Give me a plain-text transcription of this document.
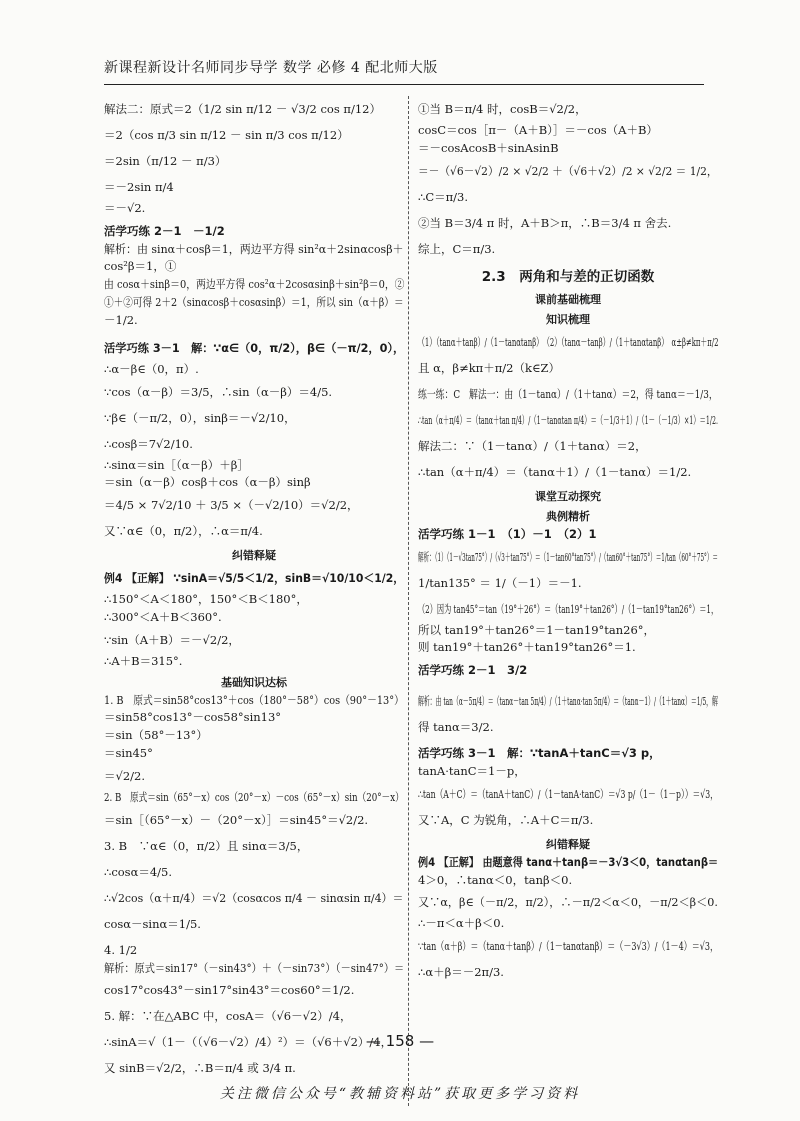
新课程新设计名师同步导学 数学 必修 4 配北师大版
解法二：原式＝2（1/2 sin π/12 － √3/2 cos π/12）
＝2（cos π/3 sin π/12 － sin π/3 cos π/12）
＝2sin（π/12 － π/3）
＝－2sin π/4
＝－√2.
活学巧练 2－1　－1/2
解析：由 sinα＋cosβ＝1，两边平方得 sin²α＋2sinαcosβ＋
cos²β＝1，①
由 cosα＋sinβ＝0，两边平方得 cos²α＋2cosαsinβ＋sin²β＝0，②
①＋②可得 2＋2（sinαcosβ＋cosαsinβ）＝1，所以 sin（α＋β）＝
－1/2.
活学巧练 3－1　解：∵α∈（0，π/2），β∈（－π/2，0），
∴α－β∈（0，π）.
∵cos（α－β）＝3/5，∴sin（α－β）＝4/5.
∵β∈（－π/2，0），sinβ＝－√2/10，
∴cosβ＝7√2/10.
∴sinα＝sin［（α－β）＋β］
＝sin（α－β）cosβ＋cos（α－β）sinβ
＝4/5 × 7√2/10 ＋ 3/5 ×（－√2/10）＝√2/2，
又∵α∈（0，π/2），∴α＝π/4.
纠错释疑
例4 【正解】 ∵sinA＝√5/5＜1/2，sinB＝√10/10＜1/2，
∴150°＜A＜180°，150°＜B＜180°，
∴300°＜A＋B＜360°.
∵sin（A＋B）＝－√2/2，
∴A＋B＝315°.
基础知识达标
1. B　原式＝sin58°cos13°＋cos（180°－58°）cos（90°－13°）
＝sin58°cos13°－cos58°sin13°
＝sin（58°－13°）
＝sin45°
＝√2/2.
2. B　原式＝sin（65°－x）cos（20°－x）－cos（65°－x）sin（20°－x）
＝sin［（65°－x）－（20°－x）］＝sin45°＝√2/2.
3. B　∵α∈（0，π/2）且 sinα＝3/5，
∴cosα＝4/5.
∴√2cos（α＋π/4）＝√2（cosαcos π/4 － sinαsin π/4）＝
cosα－sinα＝1/5.
4. 1/2
解析：原式＝sin17°（－sin43°）＋（－sin73°）（－sin47°）＝
cos17°cos43°－sin17°sin43°＝cos60°＝1/2.
5. 解：∵在△ABC 中，cosA＝（√6－√2）/4，
∴sinA＝√（1－（（√6－√2）/4）²）＝（√6＋√2）/4，
又 sinB＝√2/2，∴B＝π/4 或 3/4 π.
①当 B＝π/4 时，cosB＝√2/2，
cosC＝cos［π－（A＋B）］＝－cos（A＋B）
＝－cosAcosB＋sinAsinB
＝－（√6－√2）/2 × √2/2 ＋（√6＋√2）/2 × √2/2 ＝ 1/2，
∴C＝π/3.
②当 B＝3/4 π 时，A＋B＞π，∴B＝3/4 π 舍去.
综上，C＝π/3.
2.3　两角和与差的正切函数
课前基础梳理
知识梳理
（1）（tanα＋tanβ）/（1－tanαtanβ）　（2）（tanα－tanβ）/（1＋tanαtanβ）　α±β≠kπ＋π/2
且 α，β≠kπ＋π/2（k∈Z）
练一练：C　解法一：由（1－tanα）/（1＋tanα）＝2，得 tanα＝－1/3，
∴tan（α＋π/4）＝（tanα＋tan π/4）/（1－tanαtan π/4）＝（－1/3＋1）/（1－（－1/3）×1）＝1/2.
解法二：∵（1－tanα）/（1＋tanα）＝2，
∴tan（α＋π/4）＝（tanα＋1）/（1－tanα）＝1/2.
课堂互动探究
典例精析
活学巧练 1－1　（1）－1　（2）1
解析：（1）（1－√3tan75°）/（√3＋tan75°）＝（1－tan60°tan75°）/（tan60°＋tan75°）＝1/tan（60°＋75°）＝
1/tan135° ＝ 1/（－1）＝－1.
（2）因为 tan45°＝tan（19°＋26°）＝（tan19°＋tan26°）/（1－tan19°tan26°）＝1，
所以 tan19°＋tan26°＝1－tan19°tan26°，
则 tan19°＋tan26°＋tan19°tan26°＝1.
活学巧练 2－1　3/2
解析：由 tan（α－5π/4）＝（tanα－tan 5π/4）/（1＋tanα·tan 5π/4）＝（tanα－1）/（1＋tanα）＝1/5，解
得 tanα＝3/2.
活学巧练 3－1　解：∵tanA＋tanC＝√3 p，
tanA·tanC＝1－p，
∴tan（A＋C）＝（tanA＋tanC）/（1－tanA·tanC）＝√3 p/（1－（1－p））＝√3，
又∵A，C 为锐角，∴A＋C＝π/3.
纠错释疑
例4 【正解】 由题意得 tanα＋tanβ＝－3√3＜0，tanαtanβ＝
4＞0，∴tanα＜0，tanβ＜0.
又∵α，β∈（－π/2，π/2），∴－π/2＜α＜0，－π/2＜β＜0.
∴－π＜α＋β＜0.
∵tan（α＋β）＝（tanα＋tanβ）/（1－tanαtanβ）＝（－3√3）/（1－4）＝√3，
∴α＋β＝－2π/3.
— 158 —
关注微信公众号“教辅资料站”获取更多学习资料
